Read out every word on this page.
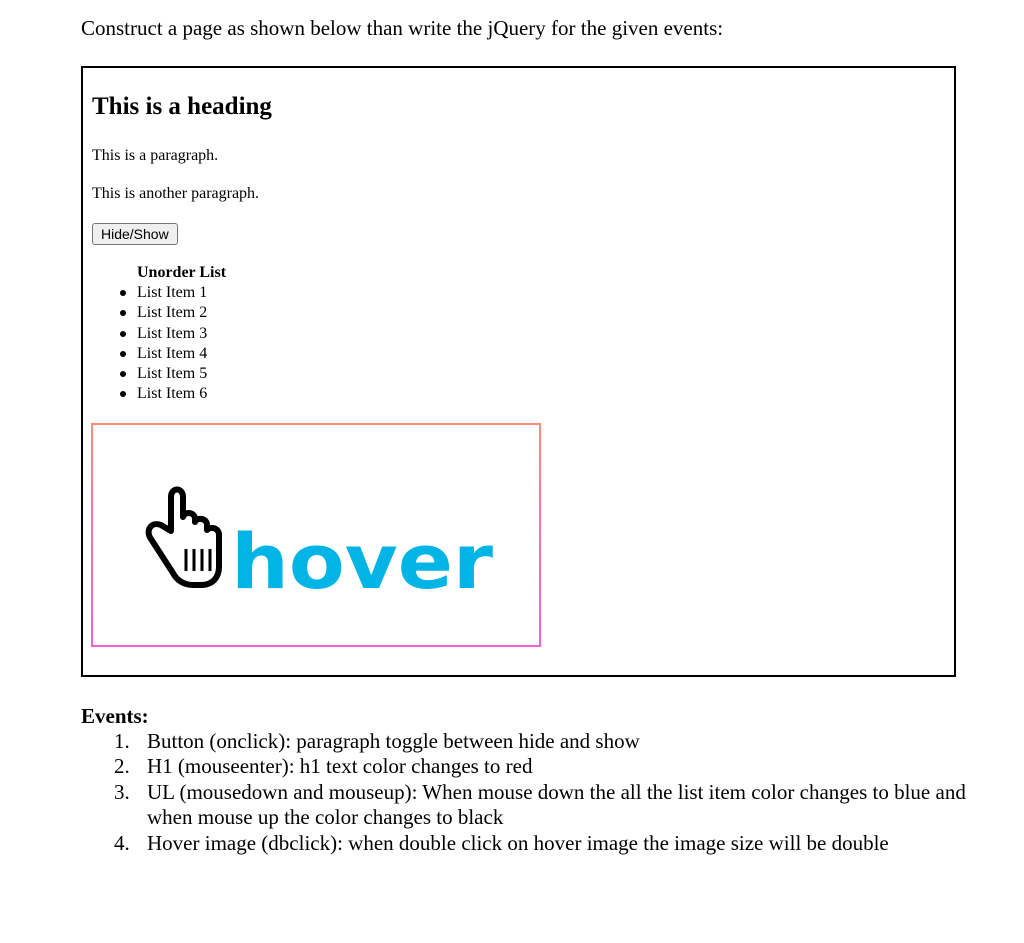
Construct a page as shown below than write the jQuery for the given events:
This is a heading

This is a paragraph.

This is another paragraph.

Hide/Show
Unorder List
List Item 1
List Item 2
List Item 3
List Item 4
List Item 5
List Item 6
hover
Events:
1. Button (onclick): paragraph toggle between hide and show
2. H1 (mouseenter): h1 text color changes to red
3. UL (mousedown and mouseup): When mouse down the all the list item color changes to blue and when mouse up the color changes to black
4. Hover image (dbclick): when double click on hover image the image size will be double
